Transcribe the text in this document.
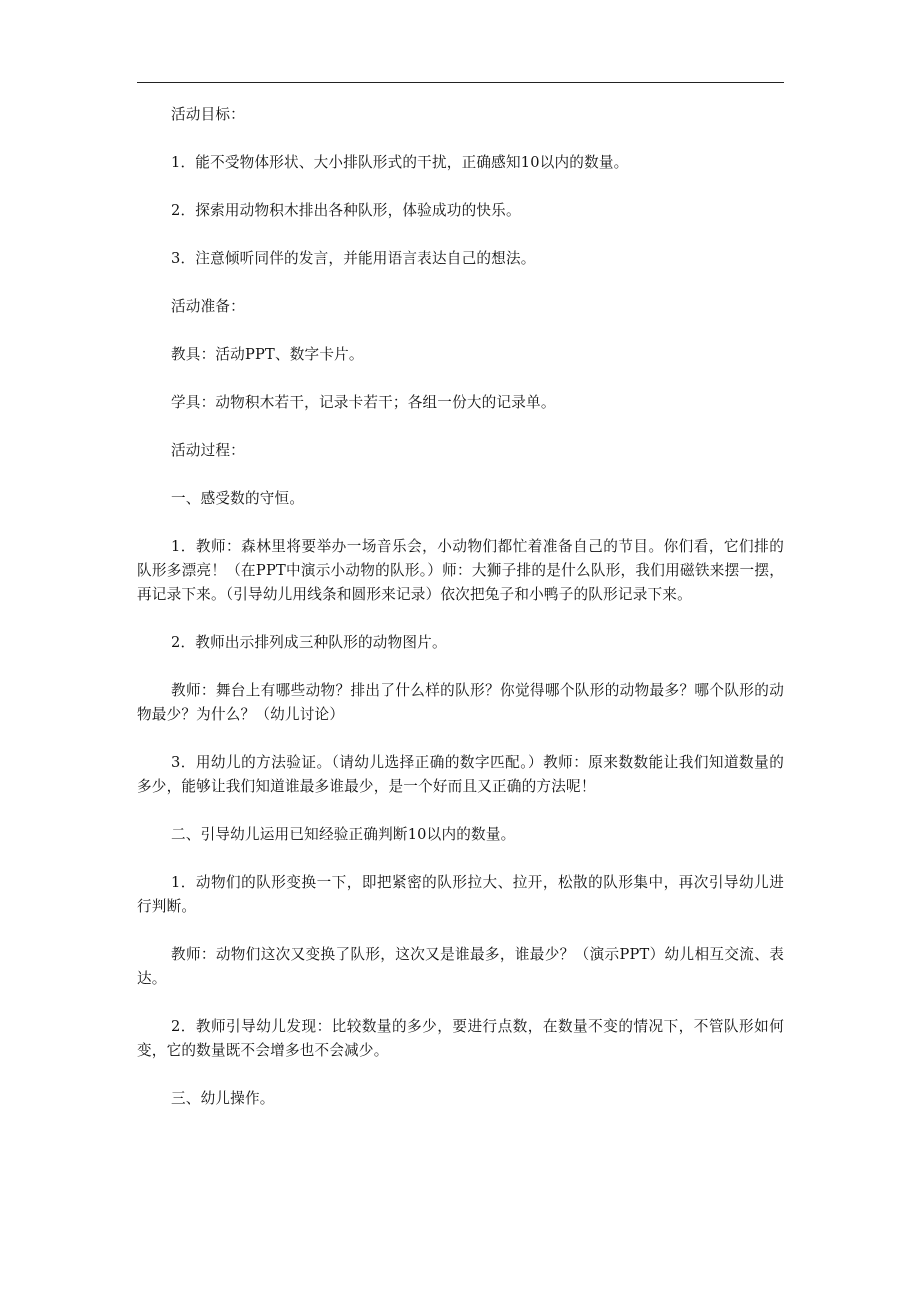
活动目标：

1．能不受物体形状、大小排队形式的干扰，正确感知10以内的数量。

2．探索用动物积木排出各种队形，体验成功的快乐。

3．注意倾听同伴的发言，并能用语言表达自己的想法。

活动准备：

教具：活动PPT、数字卡片。

学具：动物积木若干，记录卡若干；各组一份大的记录单。

活动过程：

一、感受数的守恒。

1．教师：森林里将要举办一场音乐会，小动物们都忙着准备自己的节目。你们看，它们排的队形多漂亮！（在PPT中演示小动物的队形。）师：大狮子排的是什么队形，我们用磁铁来摆一摆，再记录下来。（引导幼儿用线条和圆形来记录）依次把兔子和小鸭子的队形记录下来。

2．教师出示排列成三种队形的动物图片。

教师：舞台上有哪些动物？排出了什么样的队形？你觉得哪个队形的动物最多？哪个队形的动物最少？为什么？（幼儿讨论）

3．用幼儿的方法验证。（请幼儿选择正确的数字匹配。）教师：原来数数能让我们知道数量的多少，能够让我们知道谁最多谁最少，是一个好而且又正确的方法呢！

二、引导幼儿运用已知经验正确判断10以内的数量。

1．动物们的队形变换一下，即把紧密的队形拉大、拉开，松散的队形集中，再次引导幼儿进行判断。

教师：动物们这次又变换了队形，这次又是谁最多，谁最少？（演示PPT）幼儿相互交流、表达。

2．教师引导幼儿发现：比较数量的多少，要进行点数，在数量不变的情况下，不管队形如何变，它的数量既不会增多也不会减少。

三、幼儿操作。
